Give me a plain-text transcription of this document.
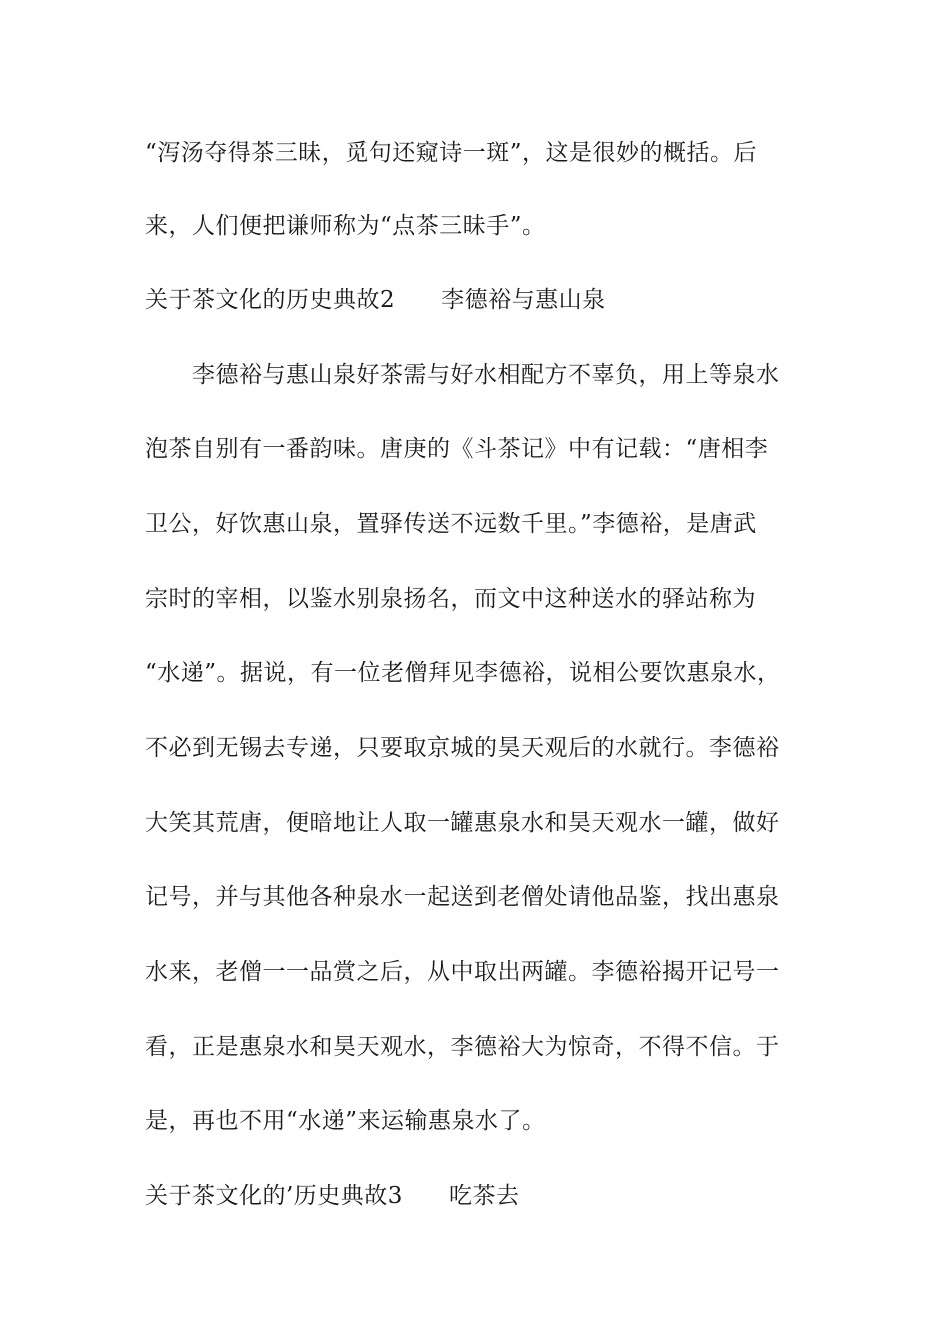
“泻汤夺得茶三昧，觅句还窥诗一斑”，这是很妙的概括。后
来，人们便把谦师称为“点茶三昧手”。
关于茶文化的历史典故2 李德裕与惠山泉
　　李德裕与惠山泉好茶需与好水相配方不辜负，用上等泉水
泡茶自别有一番韵味。唐庚的《斗茶记》中有记载：“唐相李
卫公，好饮惠山泉，置驿传送不远数千里。”李德裕，是唐武
宗时的宰相，以鉴水别泉扬名，而文中这种送水的驿站称为
“水递”。据说，有一位老僧拜见李德裕，说相公要饮惠泉水，
不必到无锡去专递，只要取京城的昊天观后的水就行。李德裕
大笑其荒唐，便暗地让人取一罐惠泉水和昊天观水一罐，做好
记号，并与其他各种泉水一起送到老僧处请他品鉴，找出惠泉
水来，老僧一一品赏之后，从中取出两罐。李德裕揭开记号一
看，正是惠泉水和昊天观水，李德裕大为惊奇，不得不信。于
是，再也不用“水递”来运输惠泉水了。
关于茶文化的’历史典故3 吃茶去
